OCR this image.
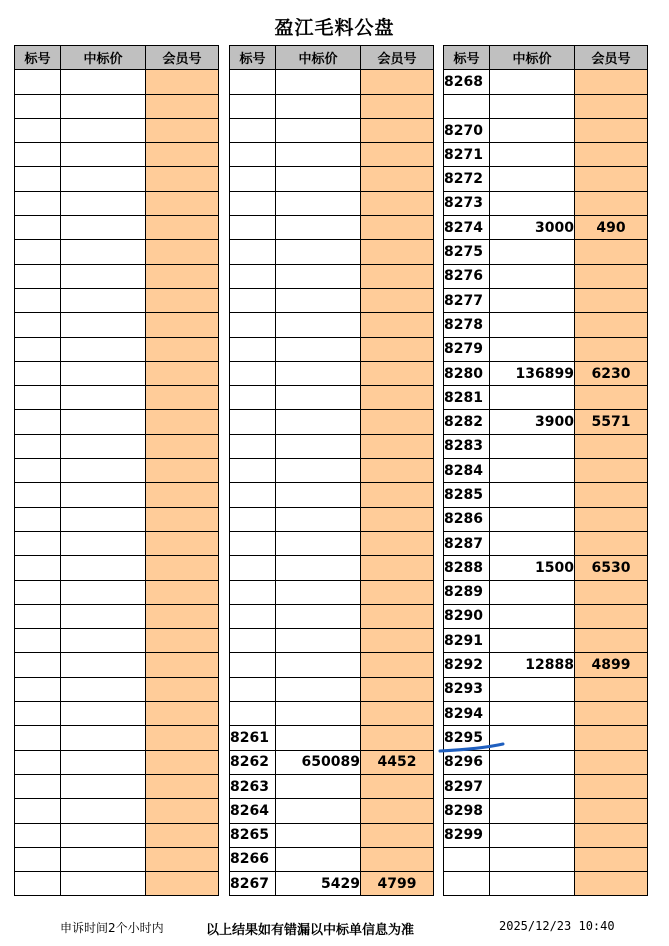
盈江毛料公盘
标号	中标价	会员号

			标号	中标价	会员号

8261		
8262	650089	4452
8263		
8264		
8265		
8266		
8267	5429	4799
标号	中标价	会员号
8268		

8270		
8271		
8272		
8273		
8274	3000	490
8275		
8276		
8277		
8278		
8279		
8280	136899	6230
8281		
8282	3900	5571
8283		
8284		
8285		
8286		
8287		
8288	1500	6530
8289		
8290		
8291		
8292	12888	4899
8293		
8294		
8295		
8296		
8297		
8298		
8299		

申诉时间2个小时内	以上结果如有错漏以中标单信息为准	2025/12/23 10:40
